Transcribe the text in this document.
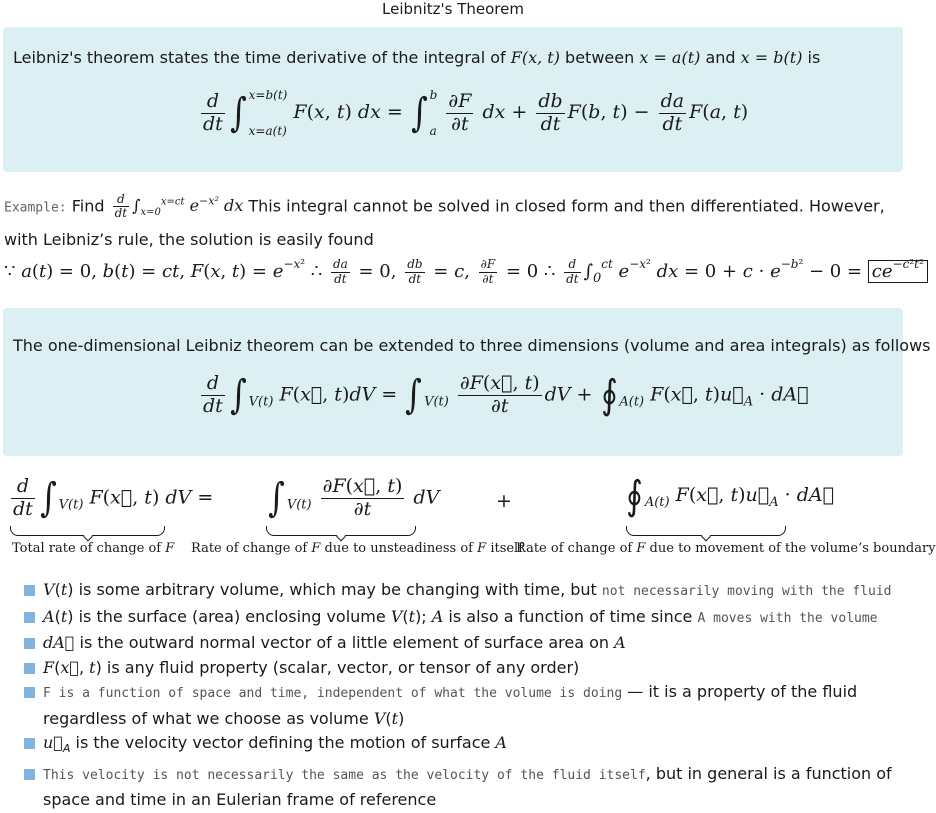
Leibnitz's Theorem
Leibniz's theorem states the time derivative of the integral of F(x, t) between x = a(t) and x = b(t) is
$\frac{d}{dt}$ ∫ x=b(t)
x=a(t)
F(x, t) dx = ∫ b
a
$\frac{\partial F}{\partial t}$ dx + $\frac{db}{dt} F(b$, $t) - \frac{da}{dt} F(a$, t)
Example: Find $\frac{d}{dt} \int_{x=0}^{x=ct}$ $e^{-x^2}$ dx This integral cannot be solved in closed form and then differentiated. However, with Leibniz’s rule, the solution is easily found
∵ a(t) = 0, b(t) = ct, F(x, $t) = e^{-x^2}$ ∴ $\frac{da}{dt} = 0$, $\frac{db}{dt} = c$, $\frac{\partial F}{\partial t} = 0$ ∴ $\frac{d}{dt} \int_0^{ct}$ $e^{-x^2}$ dx = $0 + c \cdot e^{-b^2} - 0 = ce^{-c^2t^2}$
The one-dimensional Leibniz theorem can be extended to three dimensions (volume and area integrals) as follows
$\frac{d}{dt}$ ∫ $_{V(t)}$ F(x⃗, t)dV = ∫ $_{V(t)} \frac{\partial F(x⃗, t)}{\partial t}$ dV + ∮ $_{A(t)}$ F(x⃗, $t)u⃗_A$ · dA⃗
$\frac{d}{dt}$ ∫ $_{V(t)}$ F(x⃗, t) dV = ∫ $_{V(t)} \frac{\partial F(x⃗, t)}{\partial t}$ dV	+	∮ $_{A(t)}$ F(x⃗, $t)u⃗_A$ · dA⃗
Total rate of change of F Rate of change of F due to unsteadiness of F itself
Rate of change of F due to movement of the volume’s boundary
V(t) is some arbitrary volume, which may be changing with time, but not necessarily moving with the fluid
A(t) is the surface (area) enclosing volume V(t); A is also a function of time since A moves with the volume
dA⃗ is the outward normal vector of a little element of surface area on A
F(x⃗, t) is any fluid property (scalar, vector, or tensor of any order)
F is a function of space and time, independent of what the volume is doing — it is a property of the fluid regardless of what we choose as volume V(t)
$u⃗_A$ is the velocity vector defining the motion of surface A
This velocity is not necessarily the same as the velocity of the fluid itself, but in general is a function of space and time in an Eulerian frame of reference
